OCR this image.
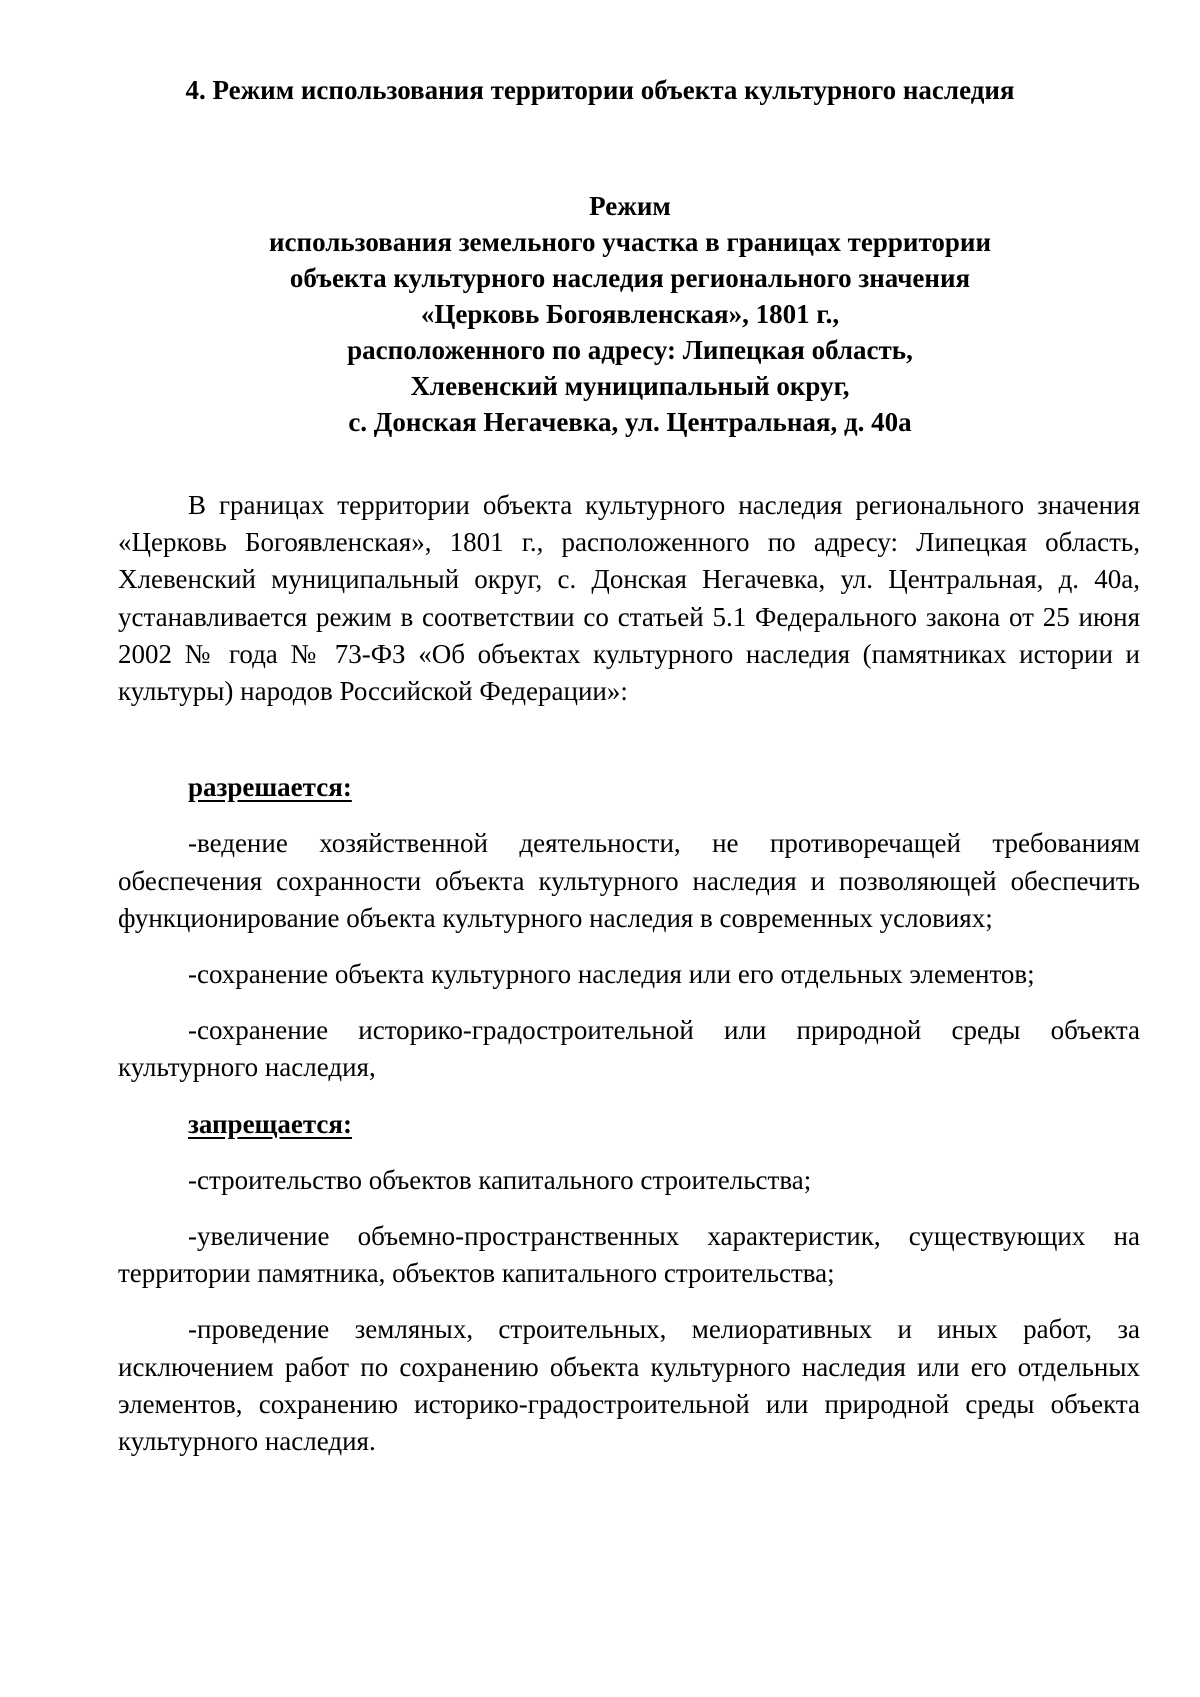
4. Режим использования территории объекта культурного наследия
Режим
использования земельного участка в границах территории
объекта культурного наследия регионального значения
«Церковь Богоявленская», 1801 г.,
расположенного по адресу: Липецкая область,
Хлевенский муниципальный округ,
с. Донская Негачевка, ул. Центральная, д. 40а

В границах территории объекта культурного наследия регионального значения «Церковь Богоявленская», 1801 г., расположенного по адресу: Липецкая область, Хлевенский муниципальный округ, с. Донская Негачевка, ул. Центральная, д. 40а, устанавливается режим в соответствии со статьей 5.1 Федерального закона от 25 июня 2002 № года № 73-ФЗ «Об объектах культурного наследия (памятниках истории и культуры) народов Российской Федерации»:

разрешается:

-ведение хозяйственной деятельности, не противоречащей требованиям обеспечения сохранности объекта культурного наследия и позволяющей обеспечить функционирование объекта культурного наследия в современных условиях;

-сохранение объекта культурного наследия или его отдельных элементов;

-сохранение историко-градостроительной или природной среды объекта культурного наследия,

запрещается:

-строительство объектов капитального строительства;

-увеличение объемно-пространственных характеристик, существующих на территории памятника, объектов капитального строительства;

-проведение земляных, строительных, мелиоративных и иных работ, за исключением работ по сохранению объекта культурного наследия или его отдельных элементов, сохранению историко-градостроительной или природной среды объекта культурного наследия.
